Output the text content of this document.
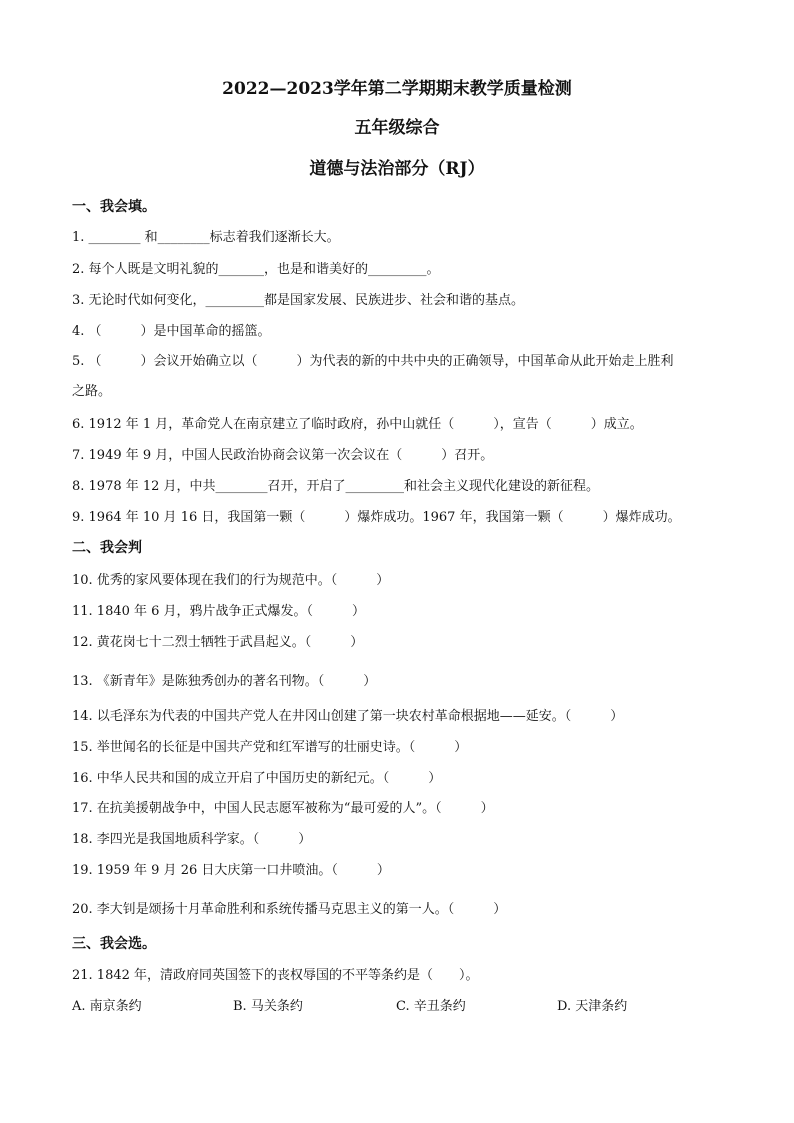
2022—2023学年第二学期期末教学质量检测
五年级综合
道德与法治部分（RJ）
一、我会填。
1. ________ 和________标志着我们逐渐长大。
2. 每个人既是文明礼貌的_______，也是和谐美好的_________。
3. 无论时代如何变化，_________都是国家发展、民族进步、社会和谐的基点。
4. （　　　）是中国革命的摇篮。
5. （　　　）会议开始确立以（　　　）为代表的新的中共中央的正确领导，中国革命从此开始走上胜利
之路。
6. 1912 年 1 月，革命党人在南京建立了临时政府，孙中山就任（　　　），宣告（　　　）成立。
7. 1949 年 9 月，中国人民政治协商会议第一次会议在（　　　）召开。
8. 1978 年 12 月，中共________召开，开启了_________和社会主义现代化建设的新征程。
9. 1964 年 10 月 16 日，我国第一颗（　　　）爆炸成功。1967 年，我国第一颗（　　　）爆炸成功。
二、我会判
10. 优秀的家风要体现在我们的行为规范中。（　　　）
11. 1840 年 6 月，鸦片战争正式爆发。（　　　）
12. 黄花岗七十二烈士牺牲于武昌起义。（　　　）
13. 《新青年》是陈独秀创办的著名刊物。（　　　）
14. 以毛泽东为代表的中国共产党人在井冈山创建了第一块农村革命根据地——延安。（　　　）
15. 举世闻名的长征是中国共产党和红军谱写的壮丽史诗。（　　　）
16. 中华人民共和国的成立开启了中国历史的新纪元。（　　　）
17. 在抗美援朝战争中，中国人民志愿军被称为“最可爱的人”。（　　　）
18. 李四光是我国地质科学家。（　　　）
19. 1959 年 9 月 26 日大庆第一口井喷油。（　　　）
20. 李大钊是颂扬十月革命胜利和系统传播马克思主义的第一人。（　　　）
三、我会选。
21. 1842 年，清政府同英国签下的丧权辱国的不平等条约是（　　）。
A. 南京条约	B. 马关条约	C. 辛丑条约	D. 天津条约
